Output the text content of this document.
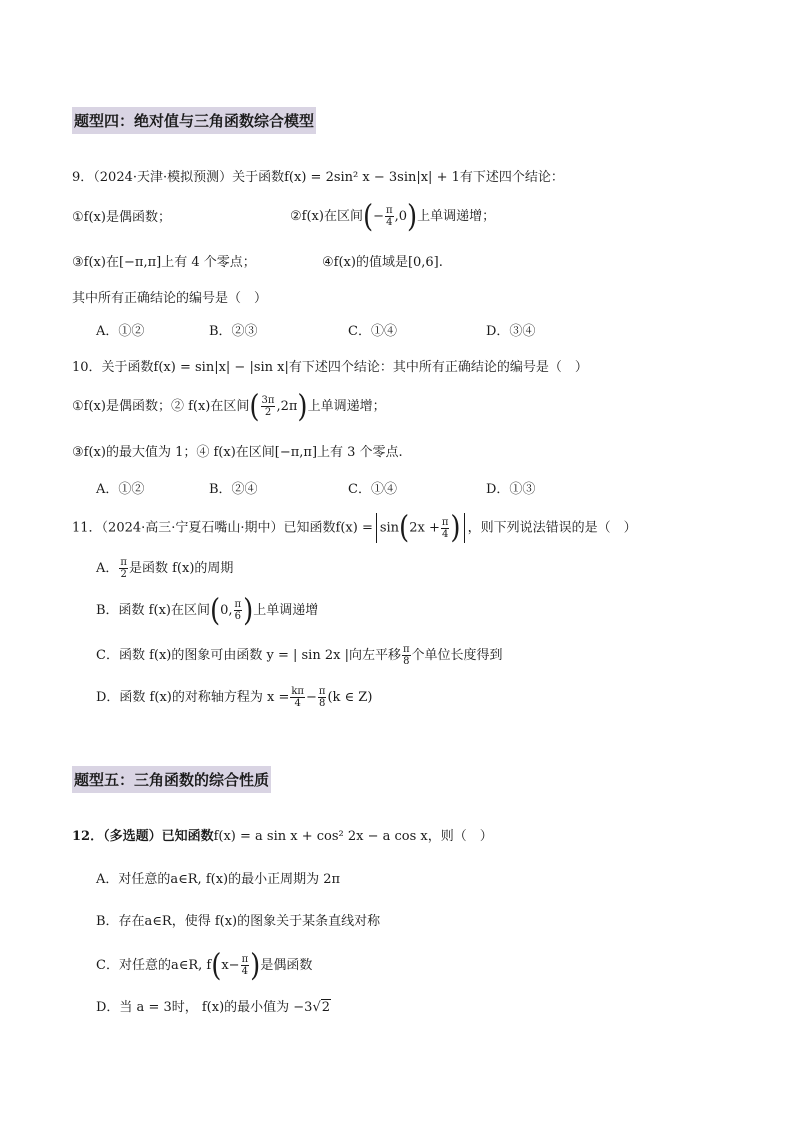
题型四：绝对值与三角函数综合模型
9．（2024·天津·模拟预测）关于函数f(x) = 2sin² x − 3sin|x| + 1有下述四个结论：
①f(x)是偶函数；	②f(x)在区间(− $\frac{\pi}{4} ,0$)上单调递增；
③f(x)在[−π,π]上有 4 个零点；	④f(x)的值域是[0,6].
其中所有正确结论的编号是（　）
A．①②	B．②③	C．①④	D．③④
10．关于函数f(x) = sin|x| − |sin x|有下述四个结论：其中所有正确结论的编号是（　）
①f(x)是偶函数；② f(x)在区间( $\frac{3\pi}{2} ,2\pi$)上单调递增；
③f(x)的最大值为 1；④ f(x)在区间[−π,π]上有 3 个零点.
A．①②	B．②④	C．①④	D．①③
11．（2024·高三·宁夏石嘴山·期中）已知函数$f(x) = \sin(2x + \frac{\pi}{4}$ ) ，则下列说法错误的是（　）
A． $\frac{\pi}{2}$ 是函数 f(x)的周期
B．函数 f(x)在区间(0, $\frac{\pi}{6}$ )上单调递增
C．函数 f(x)的图象可由函数 y = | sin 2x |向左平移 $\frac{\pi}{8}$ 个单位长度得到
D．函数 f(x)的对称轴方程为 $x = \frac{k\pi}{4} - \frac{\pi}{8} (k$ ∈ Z)
题型五：三角函数的综合性质
12．（多选题）已知函数f(x) = a sin x + cos² 2x − a cos x，则（　）
A．对任意的a∈R, f(x)的最小正周期为 2π
B．存在a∈R，使得 f(x)的图象关于某条直线对称
C．对任意的a∈R, $f(x- \frac{\pi}{4}$ )是偶函数
D．当 a = 3时， f(x)的最小值为 −3√2
